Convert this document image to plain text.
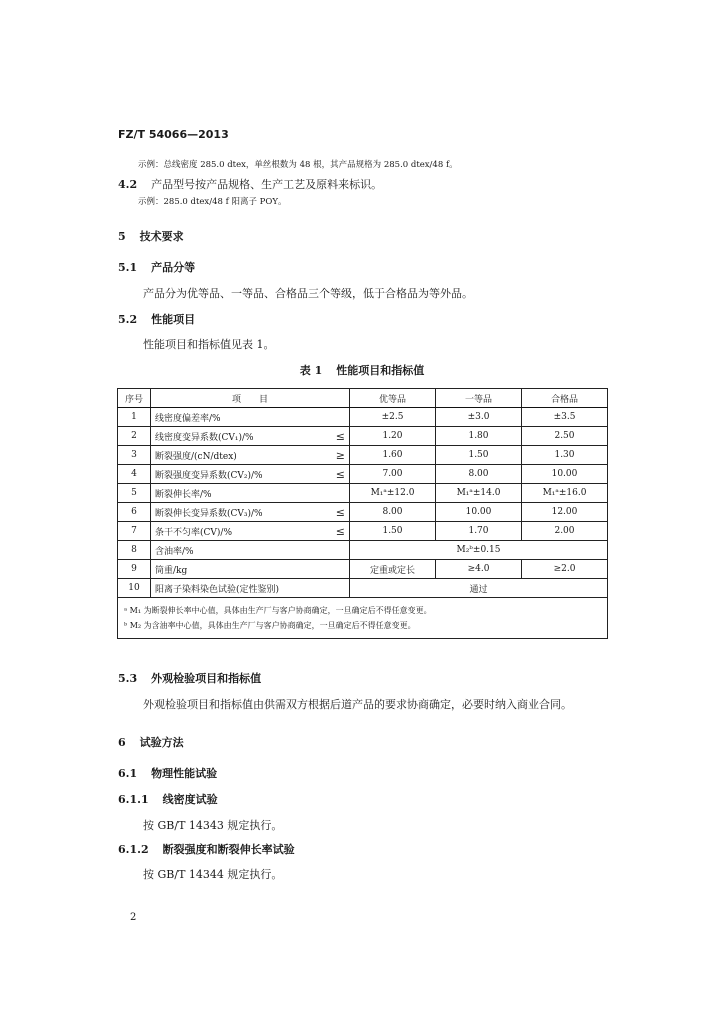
FZ/T 54066—2013
示例：总线密度 285.0 dtex，单丝根数为 48 根，其产品规格为 285.0 dtex/48 f。
4.2 产品型号按产品规格、生产工艺及原料来标识。
示例：285.0 dtex/48 f 阳离子 POY。
5 技术要求
5.1 产品分等
产品分为优等品、一等品、合格品三个等级，低于合格品为等外品。
5.2 性能项目
性能项目和指标值见表 1。
表 1 性能项目和指标值
序号	项　　目	优等品	一等品	合格品
1	线密度偏差率/%	±2.5	±3.0	±3.5
2	线密度变异系数(CV₁)/% ≤	1.20	1.80	2.50
3	断裂强度/(cN/dtex) ≥	1.60	1.50	1.30
4	断裂强度变异系数(CV₂)/% ≤	7.00	8.00	10.00
5	断裂伸长率/%	M₁ᵃ±12.0	M₁ᵃ±14.0	M₁ᵃ±16.0
6	断裂伸长变异系数(CV₃)/% ≤	8.00	10.00	12.00
7	条干不匀率(CV)/% ≤	1.50	1.70	2.00
8	含油率/%	M₂ᵇ±0.15		
9	筒重/kg	定重或定长	≥4.0	≥2.0
10	阳离子染料染色试验(定性鉴别)	通过		

ᵃ M₁ 为断裂伸长率中心值，具体由生产厂与客户协商确定，一旦确定后不得任意变更。
ᵇ M₂ 为含油率中心值，具体由生产厂与客户协商确定，一旦确定后不得任意变更。				
5.3 外观检验项目和指标值
外观检验项目和指标值由供需双方根据后道产品的要求协商确定，必要时纳入商业合同。
6 试验方法
6.1 物理性能试验
6.1.1 线密度试验
按 GB/T 14343 规定执行。
6.1.2 断裂强度和断裂伸长率试验
按 GB/T 14344 规定执行。
2
